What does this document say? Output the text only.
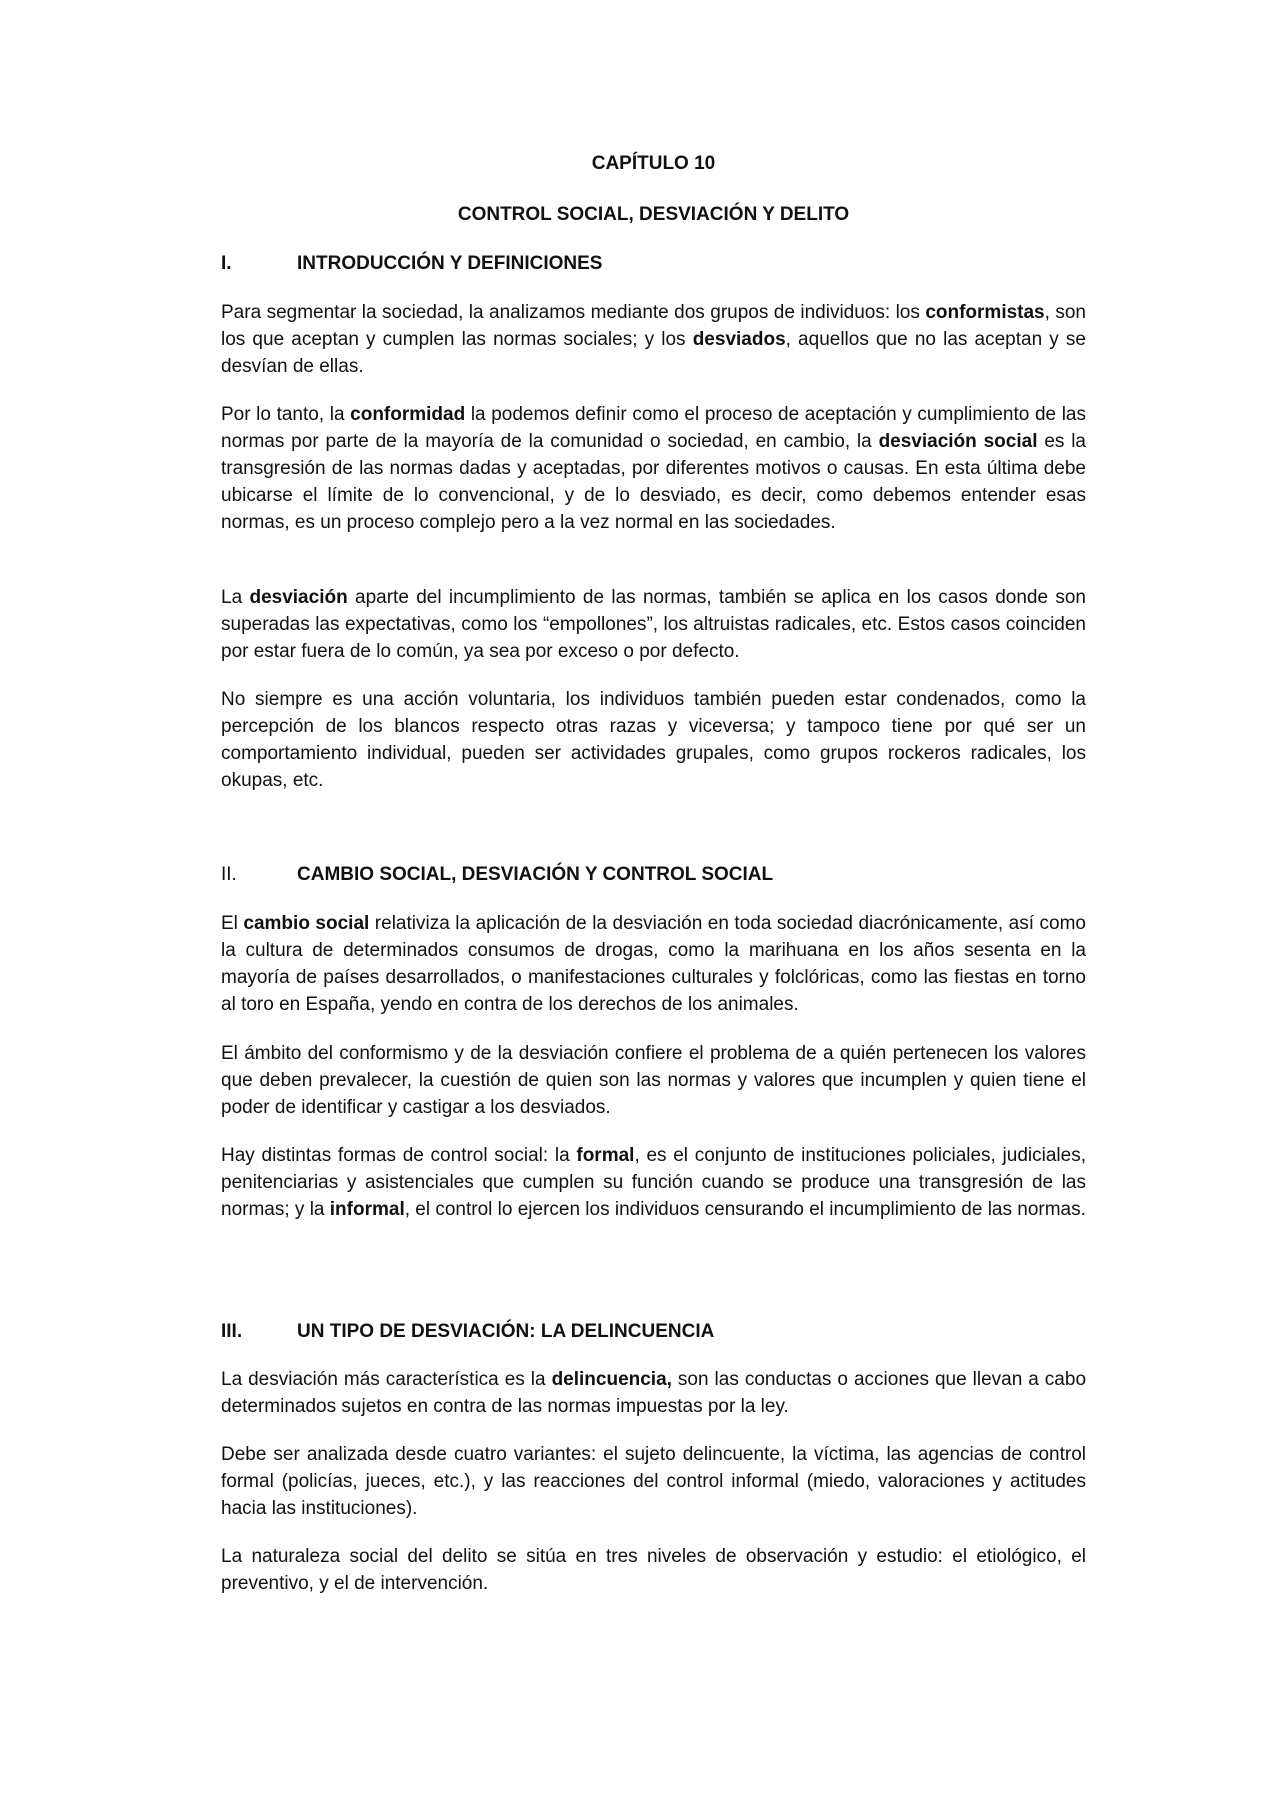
CAPÍTULO 10
CONTROL SOCIAL, DESVIACIÓN Y DELITO
I.	INTRODUCCIÓN Y DEFINICIONES

Para segmentar la sociedad, la analizamos mediante dos grupos de individuos: los conformistas, son los que aceptan y cumplen las normas sociales; y los desviados, aquellos que no las aceptan y se desvían de ellas.

Por lo tanto, la conformidad la podemos definir como el proceso de aceptación y cumplimiento de las normas por parte de la mayoría de la comunidad o sociedad, en cambio, la desviación social es la transgresión de las normas dadas y aceptadas, por diferentes motivos o causas. En esta última debe ubicarse el límite de lo convencional, y de lo desviado, es decir, como debemos entender esas normas, es un proceso complejo pero a la vez normal en las sociedades.

La desviación aparte del incumplimiento de las normas, también se aplica en los casos donde son superadas las expectativas, como los “empollones”, los altruistas radicales, etc. Estos casos coinciden por estar fuera de lo común, ya sea por exceso o por defecto.

No siempre es una acción voluntaria, los individuos también pueden estar condenados, como la percepción de los blancos respecto otras razas y viceversa; y tampoco tiene por qué ser un comportamiento individual, pueden ser actividades grupales, como grupos rockeros radicales, los okupas, etc.

II.	CAMBIO SOCIAL, DESVIACIÓN Y CONTROL SOCIAL

El cambio social relativiza la aplicación de la desviación en toda sociedad diacrónicamente, así como la cultura de determinados consumos de drogas, como la marihuana en los años sesenta en la mayoría de países desarrollados, o manifestaciones culturales y folclóricas, como las fiestas en torno al toro en España, yendo en contra de los derechos de los animales.

El ámbito del conformismo y de la desviación confiere el problema de a quién pertenecen los valores que deben prevalecer, la cuestión de quien son las normas y valores que incumplen y quien tiene el poder de identificar y castigar a los desviados.

Hay distintas formas de control social: la formal, es el conjunto de instituciones policiales, judiciales, penitenciarias y asistenciales que cumplen su función cuando se produce una transgresión de las normas; y la informal, el control lo ejercen los individuos censurando el incumplimiento de las normas.

III.	UN TIPO DE DESVIACIÓN: LA DELINCUENCIA

La desviación más característica es la delincuencia, son las conductas o acciones que llevan a cabo determinados sujetos en contra de las normas impuestas por la ley.

Debe ser analizada desde cuatro variantes: el sujeto delincuente, la víctima, las agencias de control formal (policías, jueces, etc.), y las reacciones del control informal (miedo, valoraciones y actitudes hacia las instituciones).

La naturaleza social del delito se sitúa en tres niveles de observación y estudio: el etiológico, el preventivo, y el de intervención.
